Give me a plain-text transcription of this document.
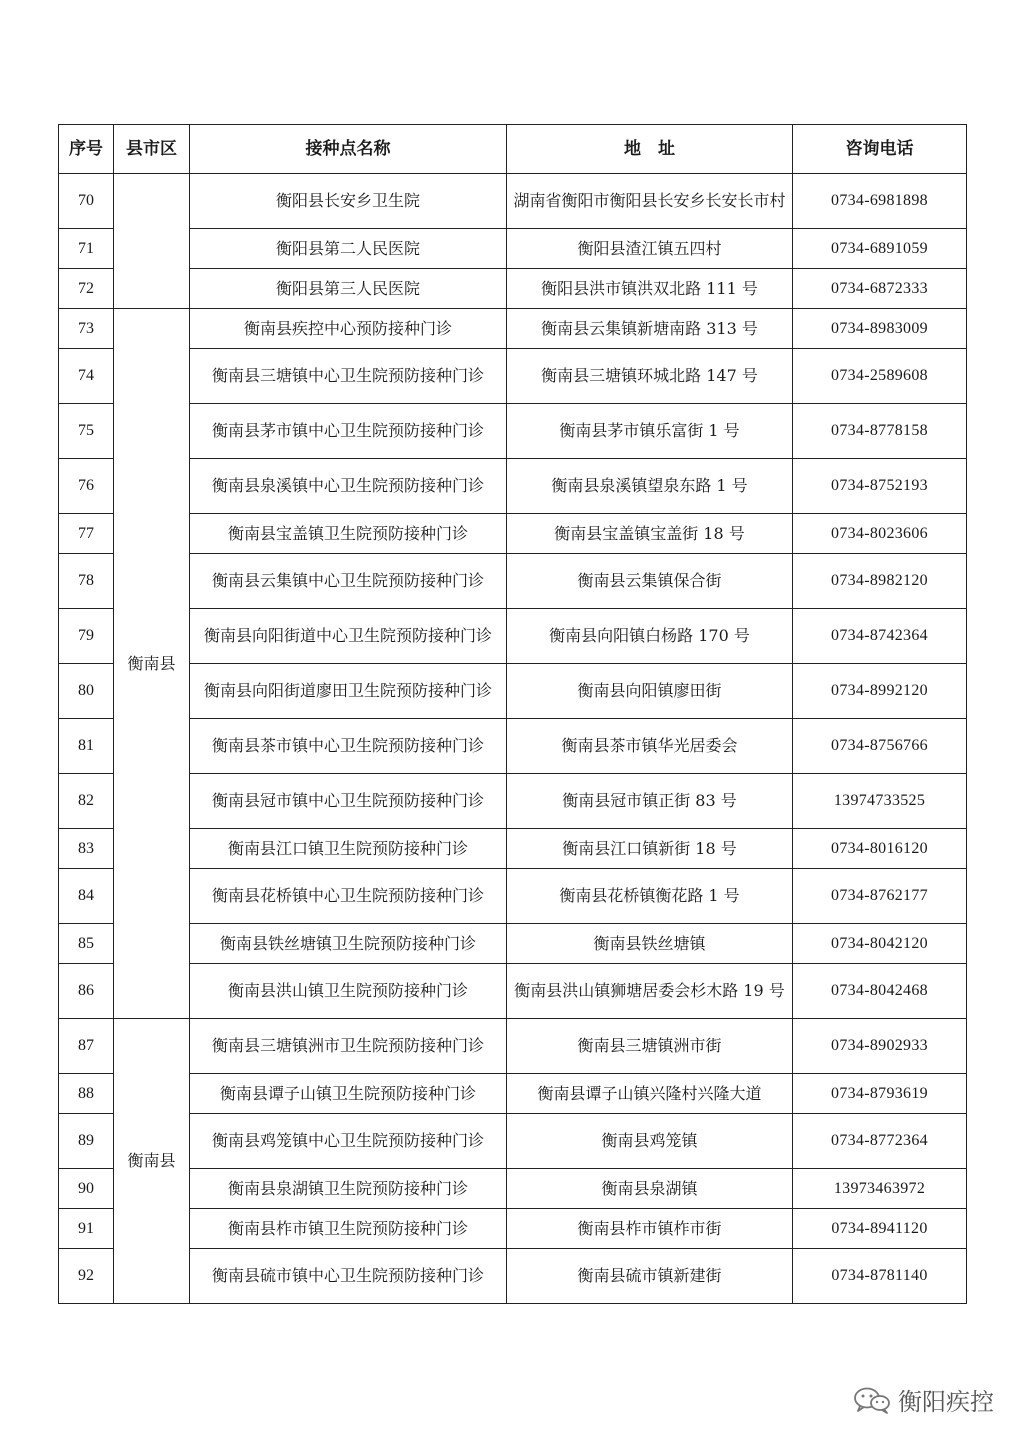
序号	县市区	接种点名称	地　址	咨询电话
70		衡阳县长安乡卫生院	湖南省衡阳市衡阳县长安乡长安长市村	0734-6981898
71		衡阳县第二人民医院	衡阳县渣江镇五四村	0734-6891059
72		衡阳县第三人民医院	衡阳县洪市镇洪双北路 111 号	0734-6872333
73	衡南县	衡南县疾控中心预防接种门诊	衡南县云集镇新塘南路 313 号	0734-8983009
74		衡南县三塘镇中心卫生院预防接种门诊	衡南县三塘镇环城北路 147 号	0734-2589608
75		衡南县茅市镇中心卫生院预防接种门诊	衡南县茅市镇乐富街 1 号	0734-8778158
76		衡南县泉溪镇中心卫生院预防接种门诊	衡南县泉溪镇望泉东路 1 号	0734-8752193
77		衡南县宝盖镇卫生院预防接种门诊	衡南县宝盖镇宝盖街 18 号	0734-8023606
78		衡南县云集镇中心卫生院预防接种门诊	衡南县云集镇保合街	0734-8982120
79		衡南县向阳街道中心卫生院预防接种门诊	衡南县向阳镇白杨路 170 号	0734-8742364
80		衡南县向阳街道廖田卫生院预防接种门诊	衡南县向阳镇廖田街	0734-8992120
81		衡南县茶市镇中心卫生院预防接种门诊	衡南县茶市镇华光居委会	0734-8756766
82		衡南县冠市镇中心卫生院预防接种门诊	衡南县冠市镇正街 83 号	13974733525
83		衡南县江口镇卫生院预防接种门诊	衡南县江口镇新街 18 号	0734-8016120
84		衡南县花桥镇中心卫生院预防接种门诊	衡南县花桥镇衡花路 1 号	0734-8762177
85		衡南县铁丝塘镇卫生院预防接种门诊	衡南县铁丝塘镇	0734-8042120
86		衡南县洪山镇卫生院预防接种门诊	衡南县洪山镇狮塘居委会杉木路 19 号	0734-8042468
87	衡南县	衡南县三塘镇洲市卫生院预防接种门诊	衡南县三塘镇洲市街	0734-8902933
88		衡南县谭子山镇卫生院预防接种门诊	衡南县谭子山镇兴隆村兴隆大道	0734-8793619
89		衡南县鸡笼镇中心卫生院预防接种门诊	衡南县鸡笼镇	0734-8772364
90		衡南县泉湖镇卫生院预防接种门诊	衡南县泉湖镇	13973463972
91		衡南县柞市镇卫生院预防接种门诊	衡南县柞市镇柞市街	0734-8941120
92		衡南县硫市镇中心卫生院预防接种门诊	衡南县硫市镇新建街	0734-8781140
衡阳疾控
